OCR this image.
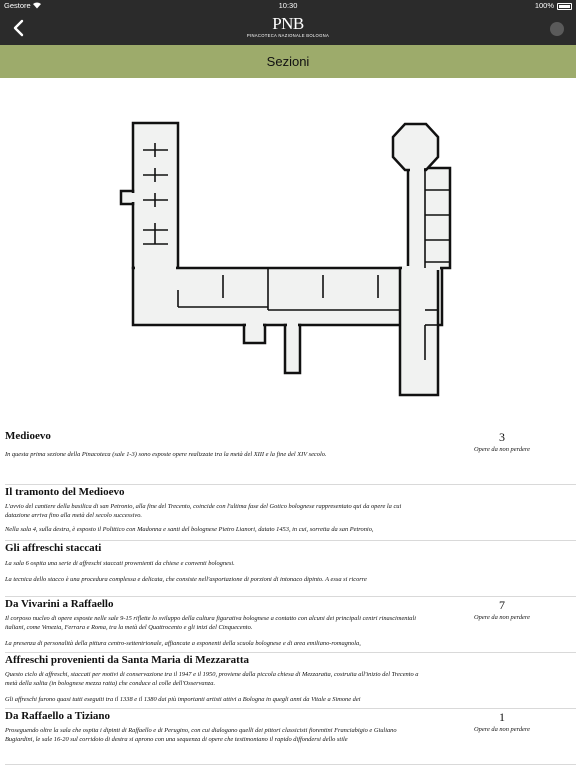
Gestore	10:30	100%
PNB
PINACOTECA NAZIONALE BOLOGNA
Sezioni
Medioevo
In questa prima sezione della Pinacoteca (sale 1-3) sono esposte opere realizzate tra la metà del XIII e la fine del XIV secolo.
3
Opere da non perdere
Il tramonto del Medioevo
L'avvio del cantiere della basilica di san Petronio, alla fine del Trecento, coincide con l'ultima fase del Gotico bolognese rappresentato qui da opere la cui datazione arriva fino alla metà del secolo successivo.
Nella sala 4, sulla destra, è esposto il Polittico con Madonna e santi del bolognese Pietro Lianori, datato 1453, in cui, sorretta da san Petronio,
Gli affreschi staccati
La sala 6 ospita una serie di affreschi staccati provenienti da chiese e conventi bolognesi.
La tecnica dello stacco è una procedura complessa e delicata, che consiste nell'asportazione di porzioni di intonaco dipinto. A essa si ricorre
Da Vivarini a Raffaello
Il corposo nucleo di opere esposte nelle sale 9-15 riflette lo sviluppo della cultura figurativa bolognese a contatto con alcuni dei principali centri rinascimentali italiani, come Venezia, Ferrara e Roma, tra la metà del Quattrocento e gli inizi del Cinquecento.
La presenza di personalità della pittura centro-settentrionale, affiancate a esponenti della scuola bolognese e di area emiliano-romagnola,
7
Opere da non perdere
Affreschi provenienti da Santa Maria di Mezzaratta
Questo ciclo di affreschi, staccati per motivi di conservazione tra il 1947 e il 1950, proviene dalla piccola chiesa di Mezzaratta, costruita all'inizio del Trecento a metà della salita (in bolognese mezza ratta) che conduce al colle dell'Osservanza.
Gli affreschi furono quasi tutti eseguiti tra il 1338 e il 1380 dai più importanti artisti attivi a Bologna in quegli anni da Vitale a Simone dei
Da Raffaello a Tiziano
Proseguendo oltre la sala che ospita i dipinti di Raffaello e di Perugino, con cui dialogano quelli dei pittori classicisti fiorentini Franciabigio e Giuliano Bugiardini, le sale 16-20 sul corridoio di destra si aprono con una sequenza di opere che testimoniano il rapido diffondersi dello stile
1
Opere da non perdere
